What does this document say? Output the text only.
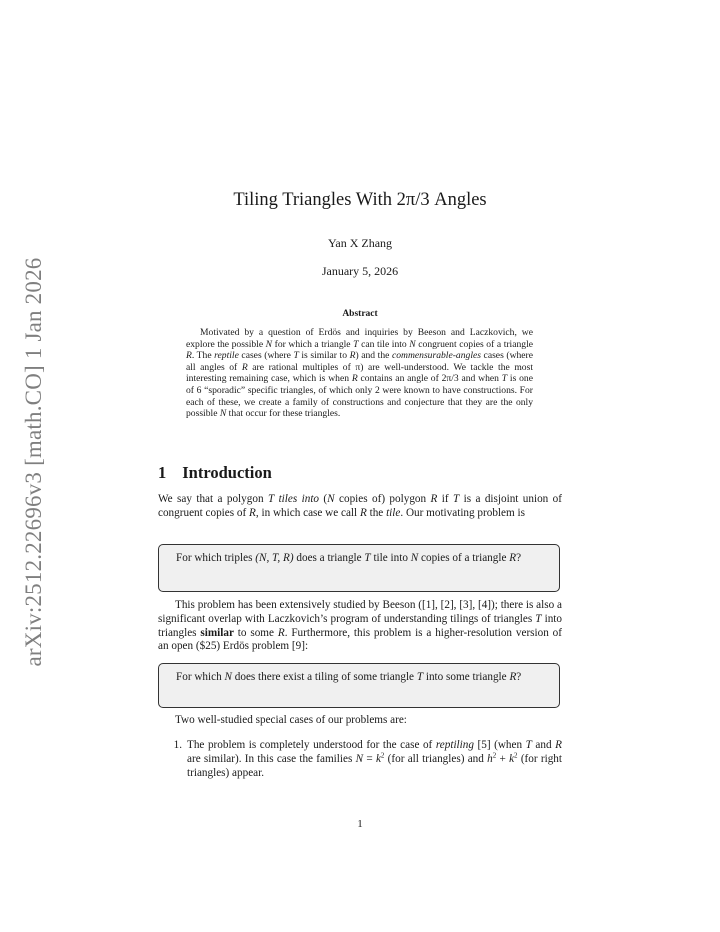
arXiv:2512.22696v3 [math.CO] 1 Jan 2026
Tiling Triangles With 2π/3 Angles
Yan X Zhang
January 5, 2026
Abstract

Motivated by a question of Erdös and inquiries by Beeson and Laczkovich, we explore the possible N for which a triangle T can tile into N congruent copies of a triangle R. The reptile cases (where T is similar to R) and the commensurable-angles cases (where all angles of R are rational multiples of π) are well-understood. We tackle the most interesting remaining case, which is when R contains an angle of 2π/3 and when T is one of 6 “sporadic” specific triangles, of which only 2 were known to have constructions. For each of these, we create a family of constructions and conjecture that they are the only possible N that occur for these triangles.

1 Introduction
We say that a polygon T tiles into (N copies of) polygon R if T is a disjoint union of congruent copies of R, in which case we call R the tile. Our motivating problem is
For which triples (N, T, R) does a triangle T tile into N copies of a triangle R?
This problem has been extensively studied by Beeson ([1], [2], [3], [4]); there is also a significant overlap with Laczkovich’s program of understanding tilings of triangles T into triangles similar to some R. Furthermore, this problem is a higher-resolution version of an open ($25) Erdös problem [9]:
For which N does there exist a tiling of some triangle T into some triangle R?
Two well-studied special cases of our problems are:
1. The problem is completely understood for the case of reptiling [5] (when T and R are similar). In this case the families $N = k^2$ (for all triangles) and $h^2 + k^2$ (for right triangles) appear.
1
